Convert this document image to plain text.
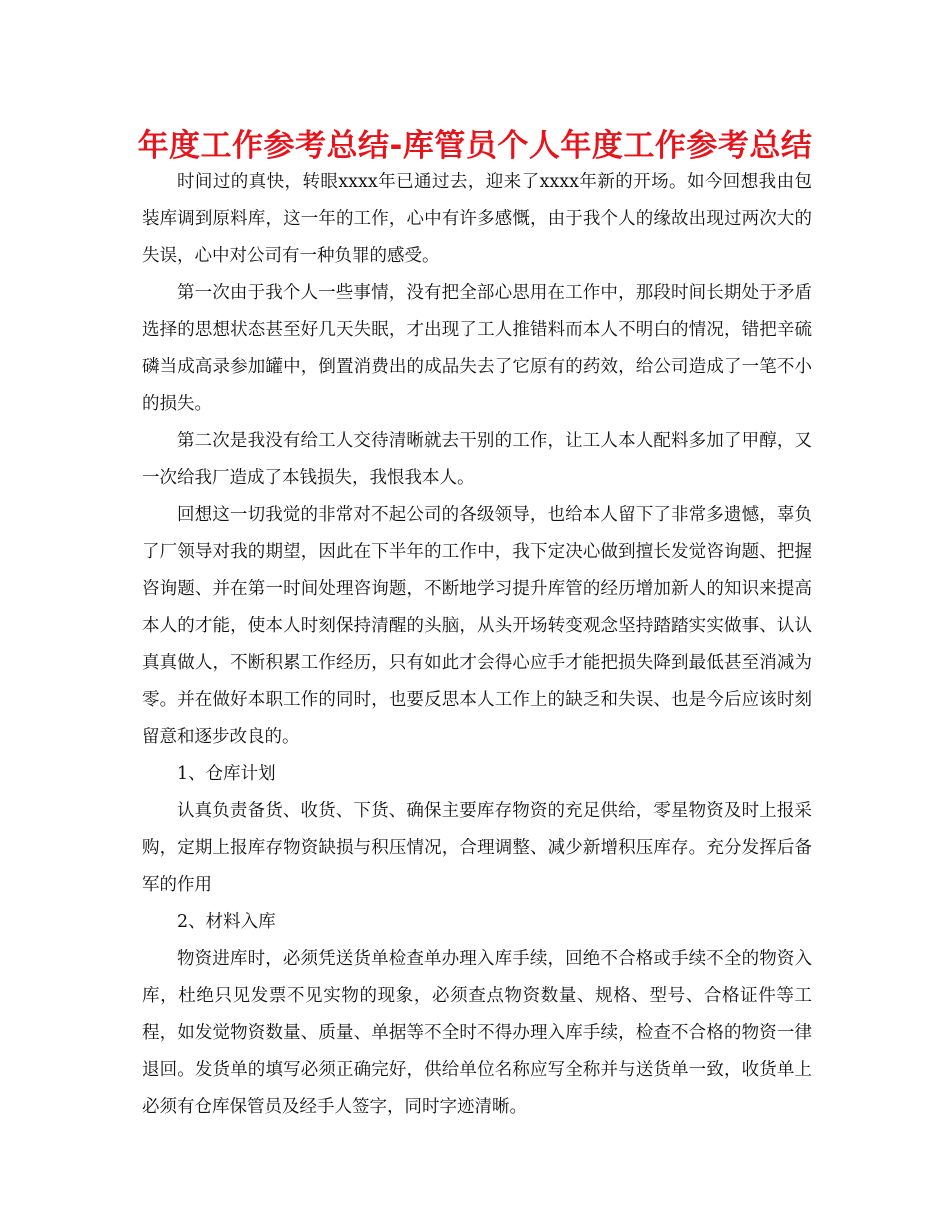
年度工作参考总结-库管员个人年度工作参考总结

时间过的真快，转眼xxxx年已通过去，迎来了xxxx年新的开场。如今回想我由包装库调到原料库，这一年的工作，心中有许多感慨，由于我个人的缘故出现过两次大的失误，心中对公司有一种负罪的感受。

第一次由于我个人一些事情，没有把全部心思用在工作中，那段时间长期处于矛盾选择的思想状态甚至好几天失眠，才出现了工人推错料而本人不明白的情况，错把辛硫磷当成高录参加罐中，倒置消费出的成品失去了它原有的药效，给公司造成了一笔不小的损失。

第二次是我没有给工人交待清晰就去干别的工作，让工人本人配料多加了甲醇，又一次给我厂造成了本钱损失，我恨我本人。

回想这一切我觉的非常对不起公司的各级领导，也给本人留下了非常多遗憾，辜负了厂领导对我的期望，因此在下半年的工作中，我下定决心做到擅长发觉咨询题、把握咨询题、并在第一时间处理咨询题，不断地学习提升库管的经历增加新人的知识来提高本人的才能，使本人时刻保持清醒的头脑，从头开场转变观念坚持踏踏实实做事、认认真真做人，不断积累工作经历，只有如此才会得心应手才能把损失降到最低甚至消减为零。并在做好本职工作的同时，也要反思本人工作上的缺乏和失误、也是今后应该时刻留意和逐步改良的。

1、仓库计划

认真负责备货、收货、下货、确保主要库存物资的充足供给，零星物资及时上报采购，定期上报库存物资缺损与积压情况，合理调整、减少新增积压库存。充分发挥后备军的作用

2、材料入库

物资进库时，必须凭送货单检查单办理入库手续，回绝不合格或手续不全的物资入库，杜绝只见发票不见实物的现象，必须查点物资数量、规格、型号、合格证件等工程，如发觉物资数量、质量、单据等不全时不得办理入库手续，检查不合格的物资一律退回。发货单的填写必须正确完好，供给单位名称应写全称并与送货单一致，收货单上必须有仓库保管员及经手人签字，同时字迹清晰。
